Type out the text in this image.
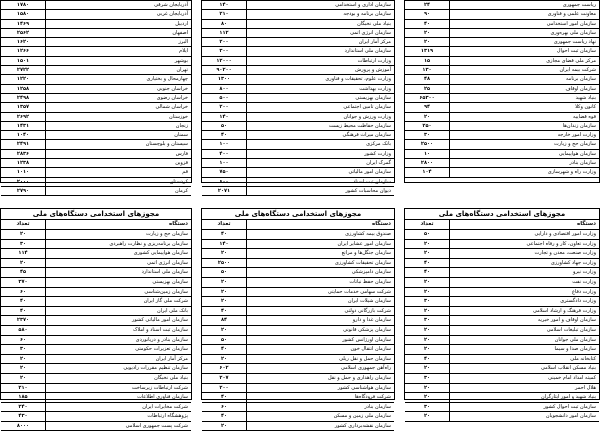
آذربایجان شرقی
۱۷۸۰
آذربایجان غربی
۱۵۸۰
اردبیل
۱۴۶۹
اصفهان
۲۵۶۲
البرز
۱۶۲۰
ایلام
۱۲۶۶
بوشهر
۱۵۰۱
تهران
۲۷۲۲
چهارمحال و بختیاری
۱۲۲۰
خراسان جنوبی
۱۲۵۸
خراسان رضوی
۲۴۹۸
خراسان شمالی
۱۳۵۷
خوزستان
۲۶۹۲
زنجان
۱۴۳۱
سمنان
۱۰۴۰
سیستان و بلوچستان
۲۴۹۱
فارس
۲۸۳۶
قزوین
۱۲۳۸
قم
۱۰۱۰
کردستان
۲۰۰۰
کرمان
۲۷۹۰
سازمان اداری و استخدامی
۱۴۰
سازمان برنامه و بودجه
۲۱۰
بنیاد ملی نخبگان
۸۰
سازمان انرژی اتمی
۱۱۲
مرکز آمار ایران
۲۰۰
سازمان ملی استاندارد
۳۰۰
وزارت ارتباطات
۱۲۰۰۰
آموزش و پرورش
۹۰۲۰۰
وزارت علوم، تحقیقات و فناوری
۱۳۰۰
وزارت بهداشت
۸۰۰
سازمان بهزیستی
۵۰۰
سازمان تامین اجتماعی
۲۰۰
وزارت ورزش و جوانان
۱۴۰
سازمان حفاظت محیط زیست
۵۰
سازمان میراث فرهنگی
۴۰
بانک مرکزی
۱۰۰
وزارت کشور
۴۰۰
گمرک ایران
۱۰۰
سازمان امور مالیاتی
۷۵۰
سازمان ثبت اسناد
۶۰۰
دیوان محاسبات کشور
۲۰۷۱
ریاست جمهوری
۲۴
معاونت علمی و فناوری
۹۰
سازمان امور استخدامی
۴۰
سازمان ملی بهره‌وری
۲۰
نهاد ریاست جمهوری
۲۰
سازمان ثبت احوال
۱۳۱۹
مرکز ملی فضای مجازی
۱۵
شرکت بیمه ایران
۱۳۰
سازمان برنامه
۴۸
سازمان اوقاف
۲۵
بنیاد شهید
۶۵۳۰۰
کانون وکلا
۹۴
قوه قضاییه
۲۰
سازمان زندان‌ها
۲۵۰
وزارت امور خارجه
۳۰
سازمان حج و زیارت
۲۵۰۰
سازمان هواپیمایی
۱۰
سازمان بنادر
۲۸۰۰
وزارت راه و شهرسازی
۱۰۴
مجوزهای استخدامی دستگاه‌های ملی
دستگاه
تعداد
سازمان حج و زیارت
۲۰
سازمان برنامه‌ریزی و نظارت راهبردی
۳۰
سازمان هواپیمایی کشوری
۱۱۴
سازمان انرژی اتمی
۲۰
سازمان ملی استاندارد
۴۵
سازمان بهزیستی
۳۷۰
سازمان زمین‌شناسی
۶۰
شرکت ملی گاز ایران
۴۰
بانک ملی ایران
۴۰
سازمان امور مالیاتی کشور
۲۳۷۰
سازمان ثبت اسناد و املاک
۵۸۰
سازمان بنادر و دریانوردی
۶۰
سازمان تعزیرات حکومتی
۳۰
مرکز آمار ایران
۲۰
سازمان تنظیم مقررات رادیویی
۲۰
بنیاد ملی نخبگان
۲۰
شرکت ارتباطات زیرساخت
۲۱۰
سازمان فناوری اطلاعات
۱۸۵
شرکت مخابرات ایران
۲۴۰
پژوهشگاه ارتباطات
۴۳۰
شرکت پست جمهوری اسلامی
۸۰۰۰
مجوزهای استخدامی دستگاه‌های ملی
دستگاه
تعداد
صندوق بیمه کشاورزی
۴۰
سازمان امور عشایر ایران
۱۴۰
سازمان جنگل‌ها و مراتع
۲۰
سازمان تحقیقات کشاورزی
۲۵۰۰
سازمان دامپزشکی
۵۰
سازمان حفظ نباتات
۲۰
شرکت سهامی خدمات حمایتی
۲۰
سازمان شیلات ایران
۲۰
شرکت بازرگانی دولتی
۴۰
سازمان غذا و دارو
۸۴
سازمان پزشکی قانونی
۲۰
سازمان اورژانس کشور
۵۰
سازمان انتقال خون
۴۰
سازمان حمل و نقل ریلی
۲۰
راه‌آهن جمهوری اسلامی
۶۰۲
سازمان راهداری و حمل و نقل
۲۰۷
سازمان هواشناسی کشور
۲۰۰
شرکت فرودگاه‌ها
۴۰
سازمان بنادر
۶۰
سازمان ملی زمین و مسکن
۴۰
سازمان نقشه‌برداری کشور
۲۰
مجوزهای استخدامی دستگاه‌های ملی
دستگاه
تعداد
وزارت امور اقتصادی و دارایی
۵۰
وزارت تعاون، کار و رفاه اجتماعی
۲۰
وزارت صنعت، معدن و تجارت
۲۰
وزارت جهاد کشاورزی
۴۰
وزارت نیرو
۴۰
وزارت نفت
۲۰
وزارت دفاع
۲۰
وزارت دادگستری
۳۰
وزارت فرهنگ و ارشاد اسلامی
۲۰
سازمان اوقاف و امور خیریه
۳۰
سازمان تبلیغات اسلامی
۲۰
سازمان ملی جوانان
۲۰
سازمان صدا و سیما
۲۰
کتابخانه ملی
۴۰
بنیاد مسکن انقلاب اسلامی
۲۰
کمیته امداد امام خمینی
۳۰
هلال احمر
۲۰
بنیاد شهید و امور ایثارگران
۲۰
سازمان ثبت احوال کشور
۳۰
سازمان امور دانشجویان
۲۰
